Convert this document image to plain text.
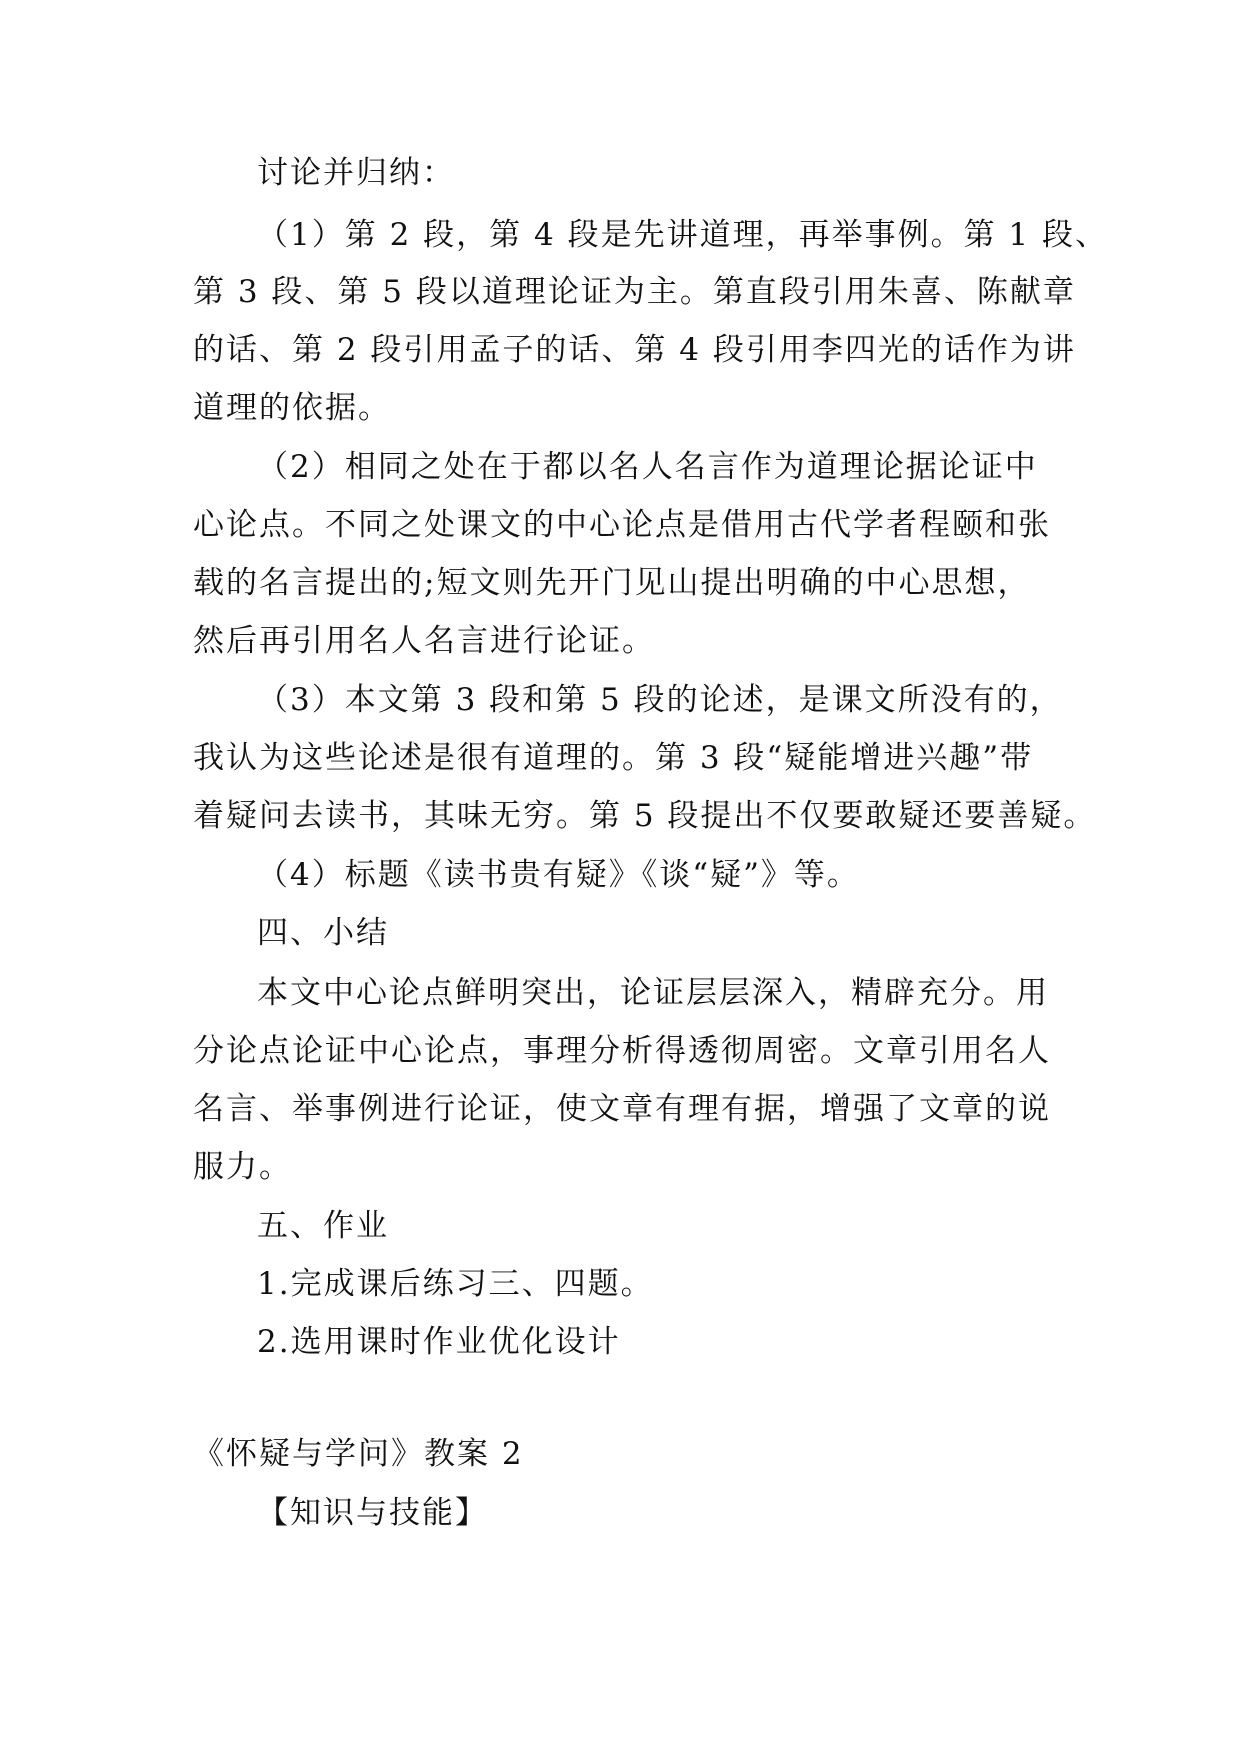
讨论并归纳：
（1）第 2 段，第 4 段是先讲道理，再举事例。第 1 段、
第 3 段、第 5 段以道理论证为主。第直段引用朱喜、陈献章
的话、第 2 段引用孟子的话、第 4 段引用李四光的话作为讲
道理的依据。
（2）相同之处在于都以名人名言作为道理论据论证中
心论点。不同之处课文的中心论点是借用古代学者程颐和张
载的名言提出的;短文则先开门见山提出明确的中心思想，
然后再引用名人名言进行论证。
（3）本文第 3 段和第 5 段的论述，是课文所没有的，
我认为这些论述是很有道理的。第 3 段“疑能增进兴趣”带
着疑问去读书，其味无穷。第 5 段提出不仅要敢疑还要善疑。
（4）标题《读书贵有疑》《谈“疑”》等。
四、小结
本文中心论点鲜明突出，论证层层深入，精辟充分。用
分论点论证中心论点，事理分析得透彻周密。文章引用名人
名言、举事例进行论证，使文章有理有据，增强了文章的说
服力。
五、作业
1.完成课后练习三、四题。
2.选用课时作业优化设计
《怀疑与学问》教案 2
【知识与技能】
